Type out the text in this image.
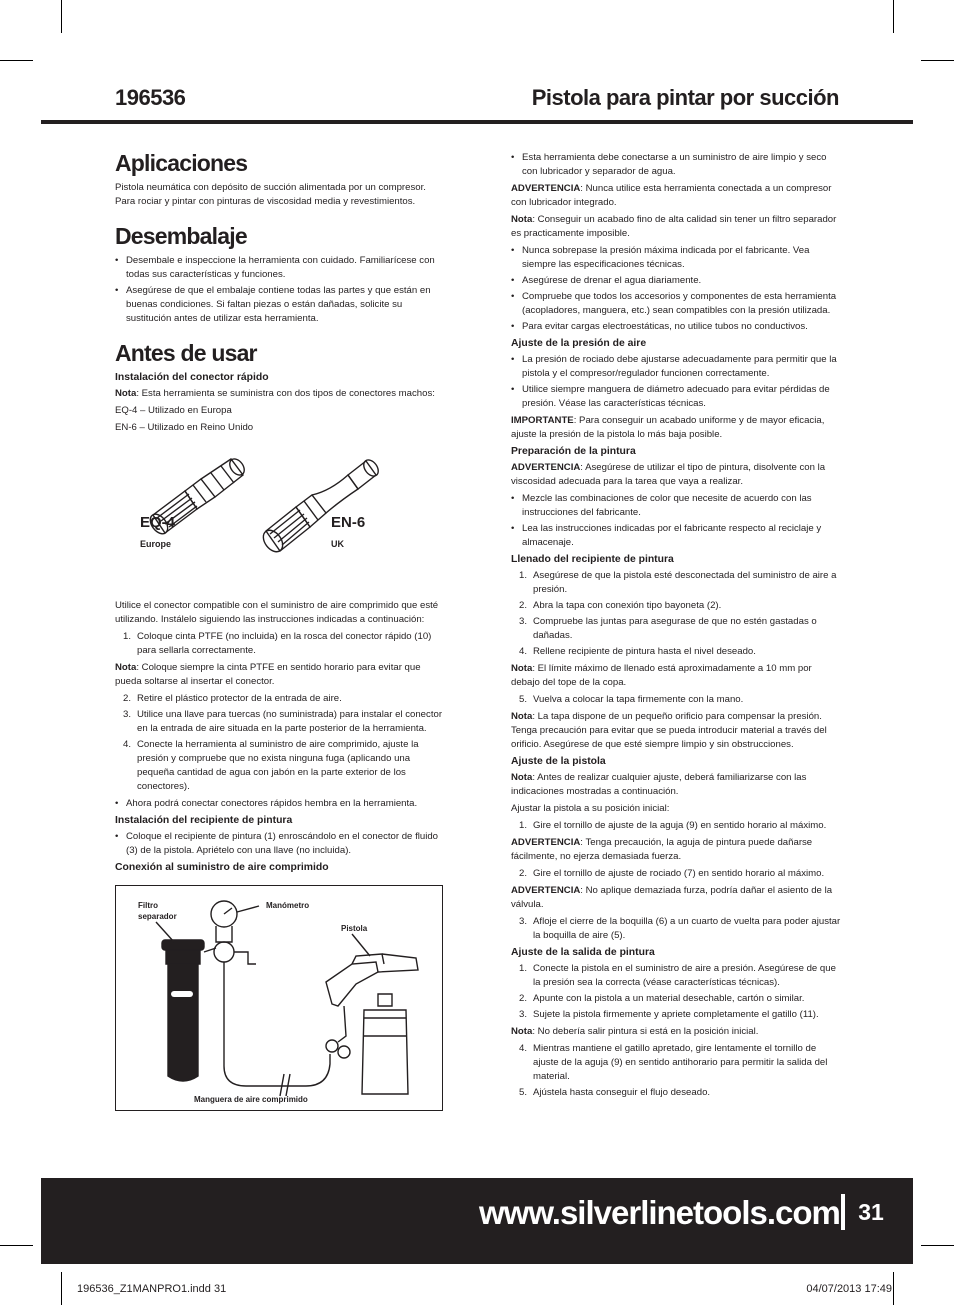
196536	Pistola para pintar por succión
Aplicaciones

Pistola neumática con depósito de succión alimentada por un compresor. Para rociar y pintar con pinturas de viscosidad media y revestimientos.

Desembalaje
• Desembale e inspeccione la herramienta con cuidado. Familiarícese con todas sus características y funciones.
• Asegúrese de que el embalaje contiene todas las partes y que están en buenas condiciones. Si faltan piezas o están dañadas, solicite su sustitución antes de utilizar esta herramienta.
Antes de usar
Instalación del conector rápido

Nota: Esta herramienta se suministra con dos tipos de conectores machos:

EQ-4 – Utilizado en Europa

EN-6 – Utilizado en Reino Unido

EQ-4
Europe
EN-6
UK

Utilice el conector compatible con el suministro de aire comprimido que esté utilizando. Instálelo siguiendo las instrucciones indicadas a continuación:

1. Coloque cinta PTFE (no incluida) en la rosca del conector rápido (10) para sellarla correctamente.

Nota: Coloque siempre la cinta PTFE en sentido horario para evitar que pueda soltarse al insertar el conector.

2. Retire el plástico protector de la entrada de aire.
3. Utilice una llave para tuercas (no suministrada) para instalar el conector en la entrada de aire situada en la parte posterior de la herramienta.
4. Conecte la herramienta al suministro de aire comprimido, ajuste la presión y compruebe que no exista ninguna fuga (aplicando una pequeña cantidad de agua con jabón en la parte exterior de los conectores).
• Ahora podrá conectar conectores rápidos hembra en la herramienta.
Instalación del recipiente de pintura
• Coloque el recipiente de pintura (1) enroscándolo en el conector de fluido (3) de la pistola. Apriételo con una llave (no incluida).
Conexión al suministro de aire comprimido
Filtro
separador
Manómetro
Pistola
Manguera de aire comprimido
• Esta herramienta debe conectarse a un suministro de aire limpio y seco con lubricador y separador de agua.

ADVERTENCIA: Nunca utilice esta herramienta conectada a un compresor con lubricador integrado.

Nota: Conseguir un acabado fino de alta calidad sin tener un filtro separador es practicamente imposible.

• Nunca sobrepase la presión máxima indicada por el fabricante. Vea siempre las especificaciones técnicas.
• Asegúrese de drenar el agua diariamente.
• Compruebe que todos los accesorios y componentes de esta herramienta (acopladores, manguera, etc.) sean compatibles con la presión utilizada.
• Para evitar cargas electroestáticas, no utilice tubos no conductivos.
Ajuste de la presión de aire
• La presión de rociado debe ajustarse adecuadamente para permitir que la pistola y el compresor/regulador funcionen correctamente.
• Utilice siempre manguera de diámetro adecuado para evitar pérdidas de presión. Véase las características técnicas.

IMPORTANTE: Para conseguir un acabado uniforme y de mayor eficacia, ajuste la presión de la pistola lo más baja posible.

Preparación de la pintura

ADVERTENCIA: Asegúrese de utilizar el tipo de pintura, disolvente con la viscosidad adecuada para la tarea que vaya a realizar.

• Mezcle las combinaciones de color que necesite de acuerdo con las instrucciones del fabricante.
• Lea las instrucciones indicadas por el fabricante respecto al reciclaje y almacenaje.
Llenado del recipiente de pintura
1. Asegúrese de que la pistola esté desconectada del suministro de aire a presión.
2. Abra la tapa con conexión tipo bayoneta (2).
3. Compruebe las juntas para asegurase de que no estén gastadas o dañadas.
4. Rellene recipiente de pintura hasta el nivel deseado.

Nota: El límite máximo de llenado está aproximadamente a 10 mm por debajo del tope de la copa.

5. Vuelva a colocar la tapa firmemente con la mano.

Nota: La tapa dispone de un pequeño orificio para compensar la presión. Tenga precaución para evitar que se pueda introducir material a través del orificio. Asegúrese de que esté siempre limpio y sin obstrucciones.

Ajuste de la pistola

Nota: Antes de realizar cualquier ajuste, deberá familiarizarse con las indicaciones mostradas a continuación.

Ajustar la pistola a su posición inicial:

1. Gire el tornillo de ajuste de la aguja (9) en sentido horario al máximo.

ADVERTENCIA: Tenga precaución, la aguja de pintura puede dañarse fácilmente, no ejerza demasiada fuerza.

2. Gire el tornillo de ajuste de rociado (7) en sentido horario al máximo.

ADVERTENCIA: No aplique demaziada furza, podría dañar el asiento de la válvula.

3. Afloje el cierre de la boquilla (6) a un cuarto de vuelta para poder ajustar la boquilla de aire (5).
Ajuste de la salida de pintura
1. Conecte la pistola en el suministro de aire a presión. Asegúrese de que la presión sea la correcta (véase características técnicas).
2. Apunte con la pistola a un material desechable, cartón o similar.
3. Sujete la pistola firmemente y apriete completamente el gatillo (11).

Nota: No debería salir pintura si está en la posición inicial.

4. Mientras mantiene el gatillo apretado, gire lentamente el tornillo de ajuste de la aguja (9) en sentido antihorario para permitir la salida del material.
5. Ajústela hasta conseguir el flujo deseado.
www.silverlinetools.com 31
196536_Z1MANPRO1.indd 31	04/07/2013 17:49
